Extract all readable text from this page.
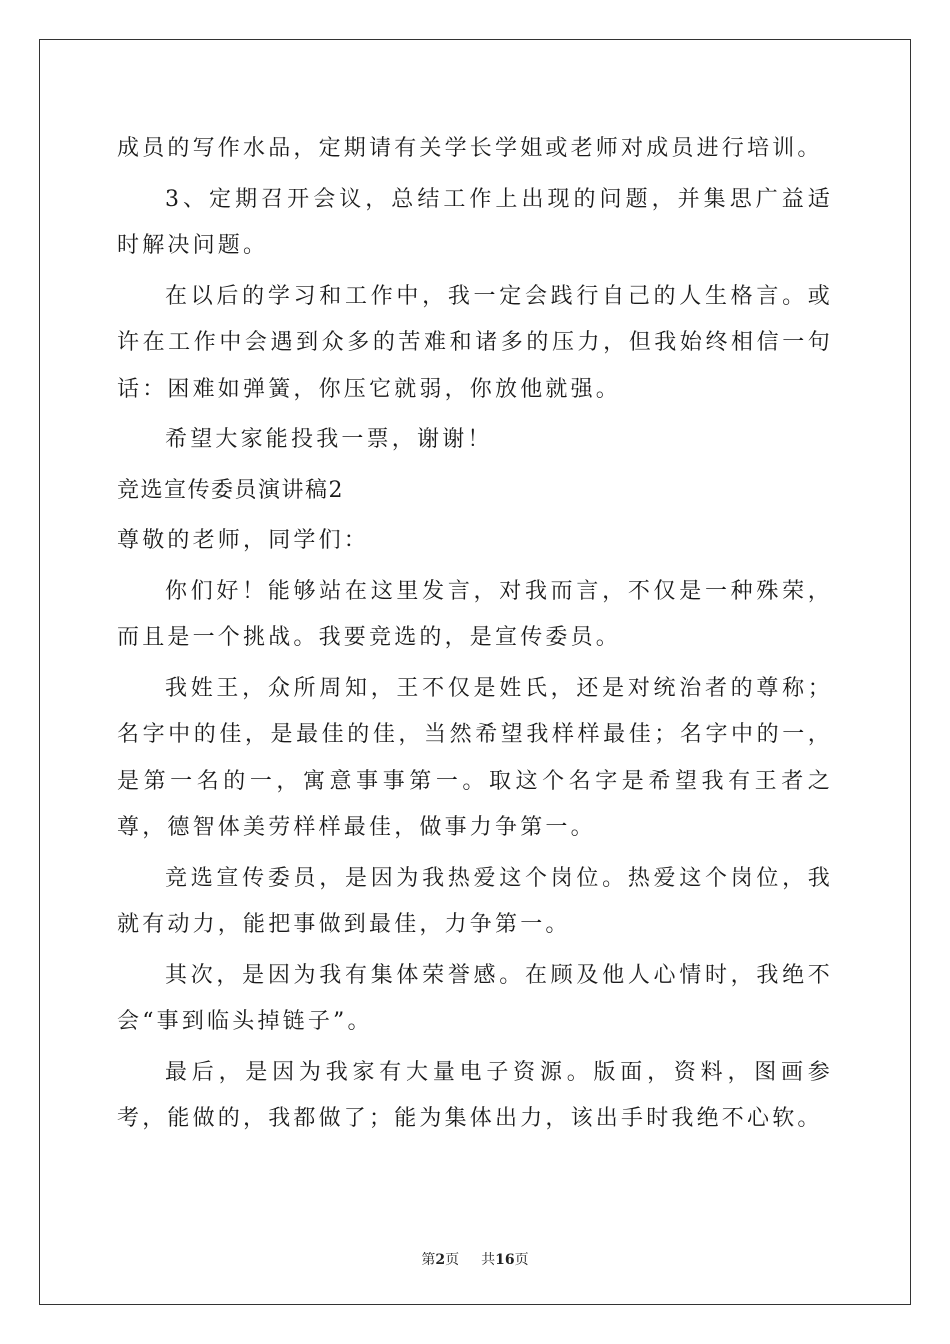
成员的写作水品，定期请有关学长学姐或老师对成员进行培训。

3、定期召开会议，总结工作上出现的问题，并集思广益适时解决问题。

在以后的学习和工作中，我一定会践行自己的人生格言。或许在工作中会遇到众多的苦难和诸多的压力，但我始终相信一句话：困难如弹簧，你压它就弱，你放他就强。

希望大家能投我一票，谢谢！

竞选宣传委员演讲稿2

尊敬的老师，同学们：

你们好！能够站在这里发言，对我而言，不仅是一种殊荣，而且是一个挑战。我要竞选的，是宣传委员。

我姓王，众所周知，王不仅是姓氏，还是对统治者的尊称；名字中的佳，是最佳的佳，当然希望我样样最佳；名字中的一，是第一名的一，寓意事事第一。取这个名字是希望我有王者之尊，德智体美劳样样最佳，做事力争第一。

竞选宣传委员，是因为我热爱这个岗位。热爱这个岗位，我就有动力，能把事做到最佳，力争第一。

其次，是因为我有集体荣誉感。在顾及他人心情时，我绝不会“事到临头掉链子”。

最后，是因为我家有大量电子资源。版面，资料，图画参考，能做的，我都做了；能为集体出力，该出手时我绝不心软。

第2页 共16页
